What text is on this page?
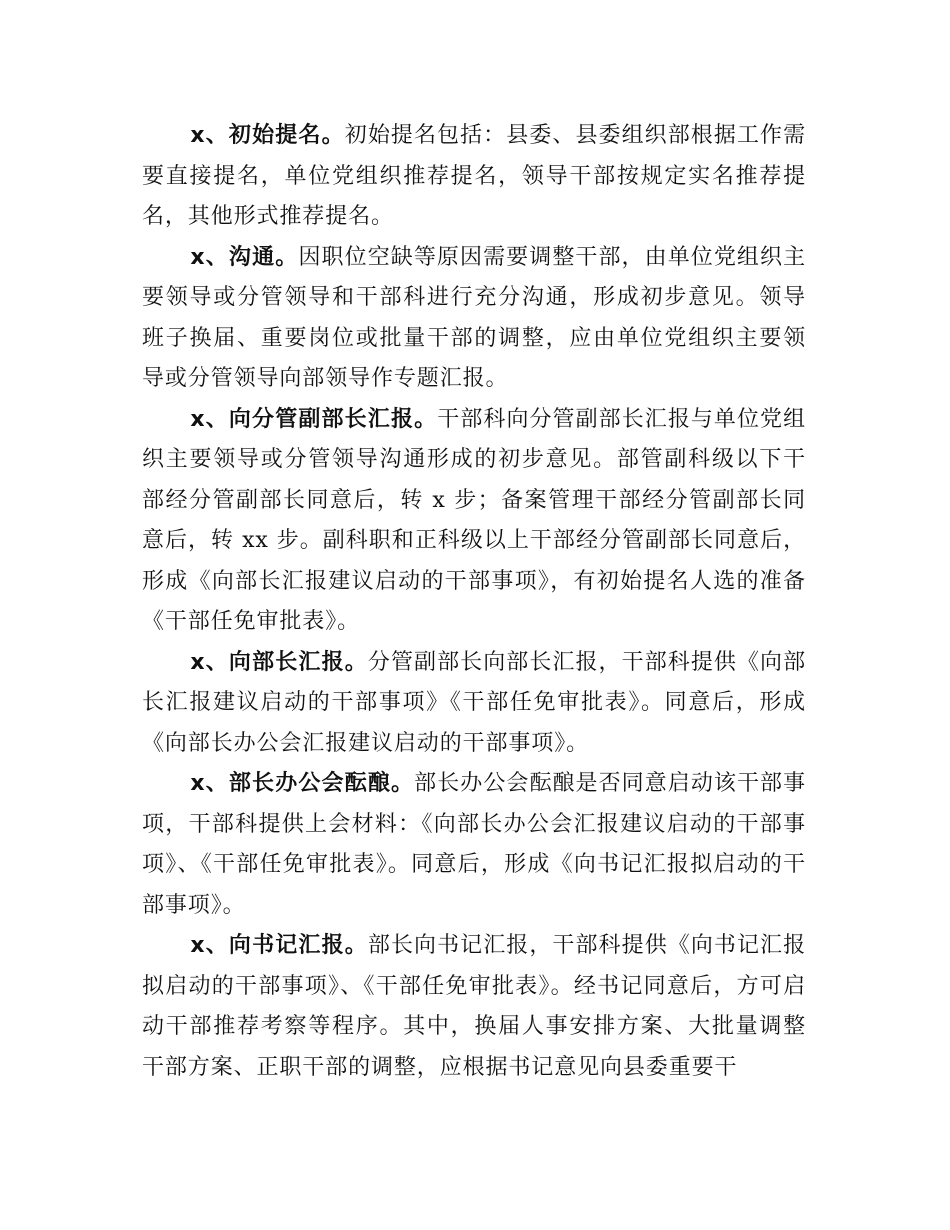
x、初始提名。初始提名包括：县委、县委组织部根据工作需要直接提名，单位党组织推荐提名，领导干部按规定实名推荐提名，其他形式推荐提名。

x、沟通。因职位空缺等原因需要调整干部，由单位党组织主要领导或分管领导和干部科进行充分沟通，形成初步意见。领导班子换届、重要岗位或批量干部的调整，应由单位党组织主要领导或分管领导向部领导作专题汇报。

x、向分管副部长汇报。干部科向分管副部长汇报与单位党组织主要领导或分管领导沟通形成的初步意见。部管副科级以下干部经分管副部长同意后，转 x 步；备案管理干部经分管副部长同意后，转 xx 步。副科职和正科级以上干部经分管副部长同意后，形成《向部长汇报建议启动的干部事项》，有初始提名人选的准备《干部任免审批表》。

x、向部长汇报。分管副部长向部长汇报，干部科提供《向部长汇报建议启动的干部事项》《干部任免审批表》。同意后，形成《向部长办公会汇报建议启动的干部事项》。

x、部长办公会酝酿。部长办公会酝酿是否同意启动该干部事项，干部科提供上会材料：《向部长办公会汇报建议启动的干部事项》、《干部任免审批表》。同意后，形成《向书记汇报拟启动的干部事项》。

x、向书记汇报。部长向书记汇报，干部科提供《向书记汇报拟启动的干部事项》、《干部任免审批表》。经书记同意后，方可启动干部推荐考察等程序。其中，换届人事安排方案、大批量调整干部方案、正职干部的调整，应根据书记意见向县委重要干
